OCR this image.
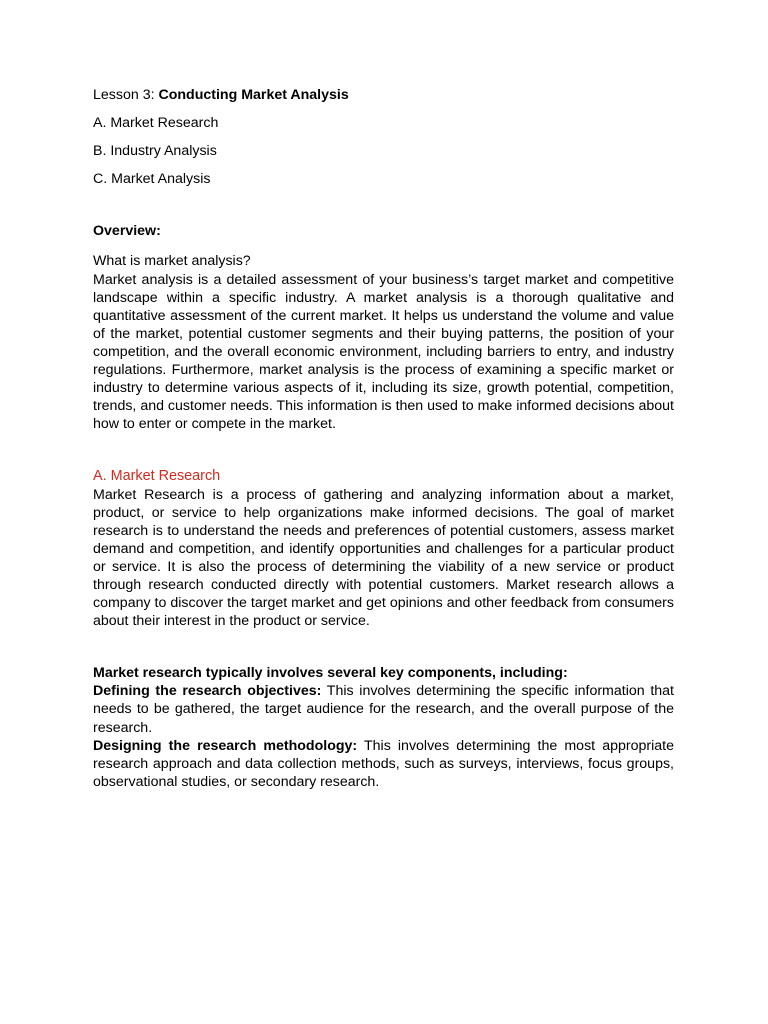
Lesson 3: Conducting Market Analysis

A. Market Research

B. Industry Analysis

C. Market Analysis

Overview:

What is market analysis?

Market analysis is a detailed assessment of your business’s target market and competitive landscape within a specific industry. A market analysis is a thorough qualitative and quantitative assessment of the current market. It helps us understand the volume and value of the market, potential customer segments and their buying patterns, the position of your competition, and the overall economic environment, including barriers to entry, and industry regulations. Furthermore, market analysis is the process of examining a specific market or industry to determine various aspects of it, including its size, growth potential, competition, trends, and customer needs. This information is then used to make informed decisions about how to enter or compete in the market.

A. Market Research

Market Research is a process of gathering and analyzing information about a market, product, or service to help organizations make informed decisions. The goal of market research is to understand the needs and preferences of potential customers, assess market demand and competition, and identify opportunities and challenges for a particular product or service. It is also the process of determining the viability of a new service or product through research conducted directly with potential customers. Market research allows a company to discover the target market and get opinions and other feedback from consumers about their interest in the product or service.

Market research typically involves several key components, including:

Defining the research objectives: This involves determining the specific information that needs to be gathered, the target audience for the research, and the overall purpose of the research.

Designing the research methodology: This involves determining the most appropriate research approach and data collection methods, such as surveys, interviews, focus groups, observational studies, or secondary research.
